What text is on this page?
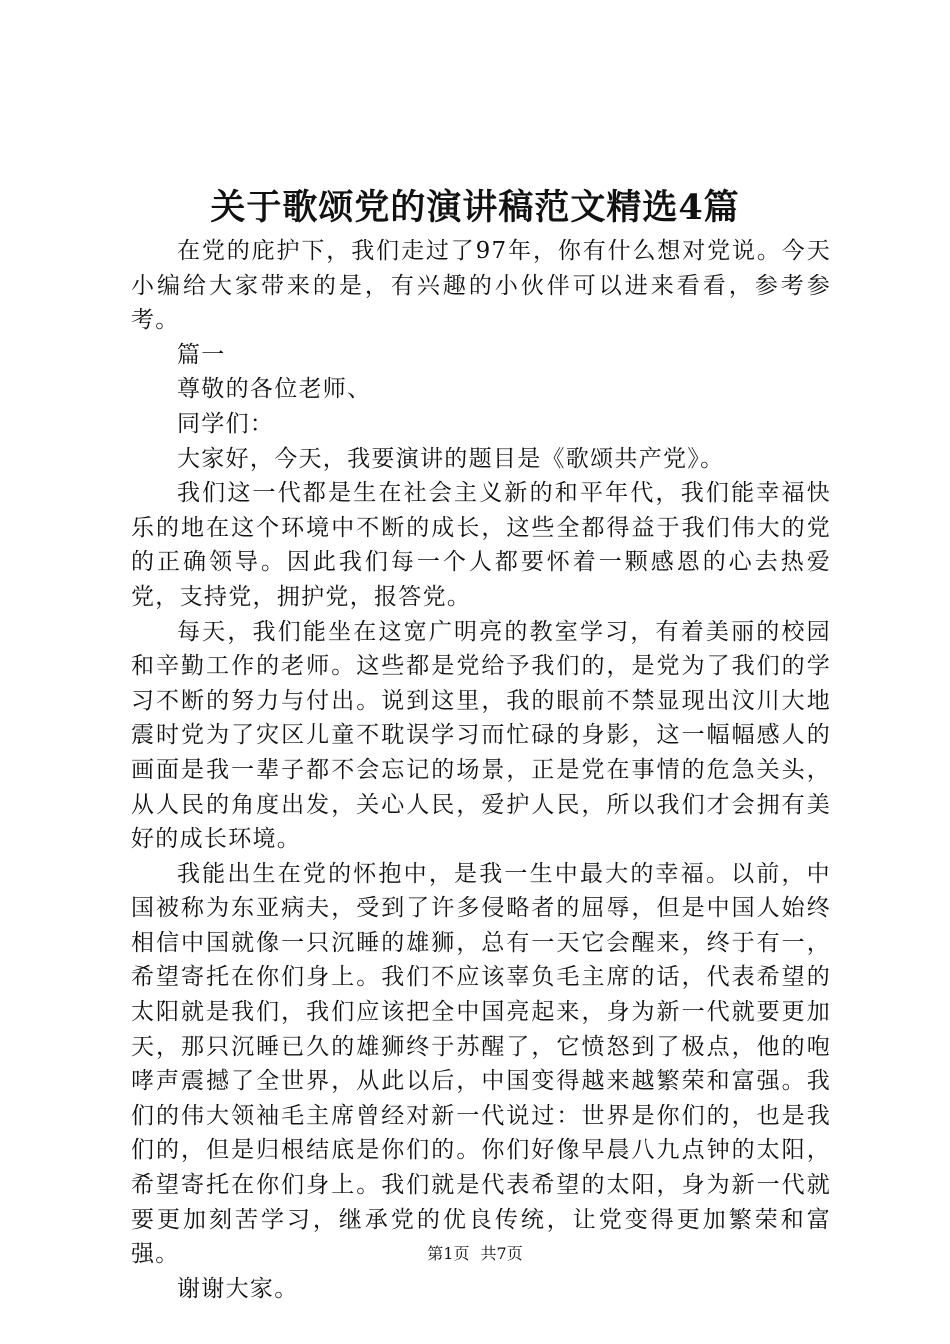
关于歌颂党的演讲稿范文精选4篇

在党的庇护下，我们走过了97年，你有什么想对党说。今天小编给大家带来的是，有兴趣的小伙伴可以进来看看，参考参考。

篇一

尊敬的各位老师、

同学们：

大家好，今天，我要演讲的题目是《歌颂共产党》。

我们这一代都是生在社会主义新的和平年代，我们能幸福快乐的地在这个环境中不断的成长，这些全都得益于我们伟大的党的正确领导。因此我们每一个人都要怀着一颗感恩的心去热爱党，支持党，拥护党，报答党。

每天，我们能坐在这宽广明亮的教室学习，有着美丽的校园和辛勤工作的老师。这些都是党给予我们的，是党为了我们的学习不断的努力与付出。说到这里，我的眼前不禁显现出汶川大地震时党为了灾区儿童不耽误学习而忙碌的身影，这一幅幅感人的画面是我一辈子都不会忘记的场景，正是党在事情的危急关头，从人民的角度出发，关心人民，爱护人民，所以我们才会拥有美好的成长环境。

我能出生在党的怀抱中，是我一生中最大的幸福。以前，中国被称为东亚病夫，受到了许多侵略者的屈辱，但是中国人始终相信中国就像一只沉睡的雄狮，总有一天它会醒来，终于有一，希望寄托在你们身上。我们不应该辜负毛主席的话，代表希望的太阳就是我们，我们应该把全中国亮起来，身为新一代就要更加天，那只沉睡已久的雄狮终于苏醒了，它愤怒到了极点，他的咆哮声震撼了全世界，从此以后，中国变得越来越繁荣和富强。我们的伟大领袖毛主席曾经对新一代说过：世界是你们的，也是我们的，但是归根结底是你们的。你们好像早晨八九点钟的太阳，希望寄托在你们身上。我们就是代表希望的太阳，身为新一代就要更加刻苦学习，继承党的优良传统，让党变得更加繁荣和富强。

谢谢大家。

第1页 共7页
